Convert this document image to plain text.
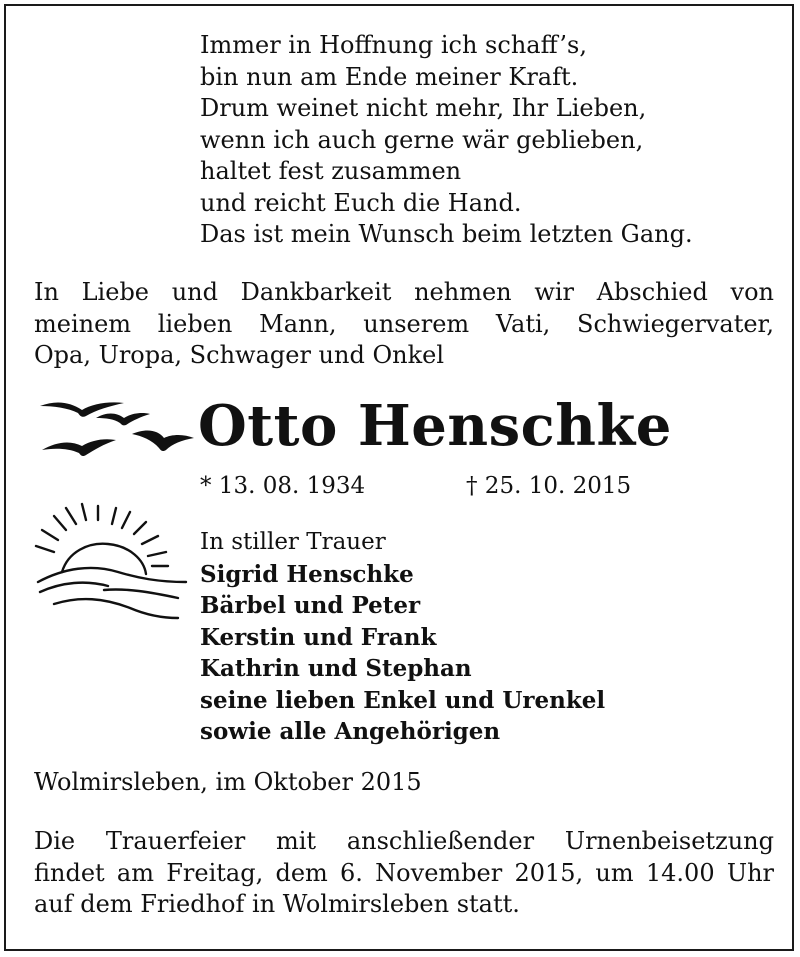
Immer in Hoffnung ich schaff’s,
bin nun am Ende meiner Kraft.
Drum weinet nicht mehr, Ihr Lieben,
wenn ich auch gerne wär geblieben,
haltet fest zusammen
und reicht Euch die Hand.
Das ist mein Wunsch beim letzten Gang.
In Liebe und Dankbarkeit nehmen wir Abschied von
meinem lieben Mann, unserem Vati, Schwiegervater,
Opa, Uropa, Schwager und Onkel
Otto Henschke
* 13. 08. 1934	† 25. 10. 2015
In stiller Trauer
Sigrid Henschke
Bärbel und Peter
Kerstin und Frank
Kathrin und Stephan
seine lieben Enkel und Urenkel
sowie alle Angehörigen
Wolmirsleben, im Oktober 2015
Die Trauerfeier mit anschließender Urnenbeisetzung
findet am Freitag, dem 6. November 2015, um 14.00 Uhr
auf dem Friedhof in Wolmirsleben statt.
